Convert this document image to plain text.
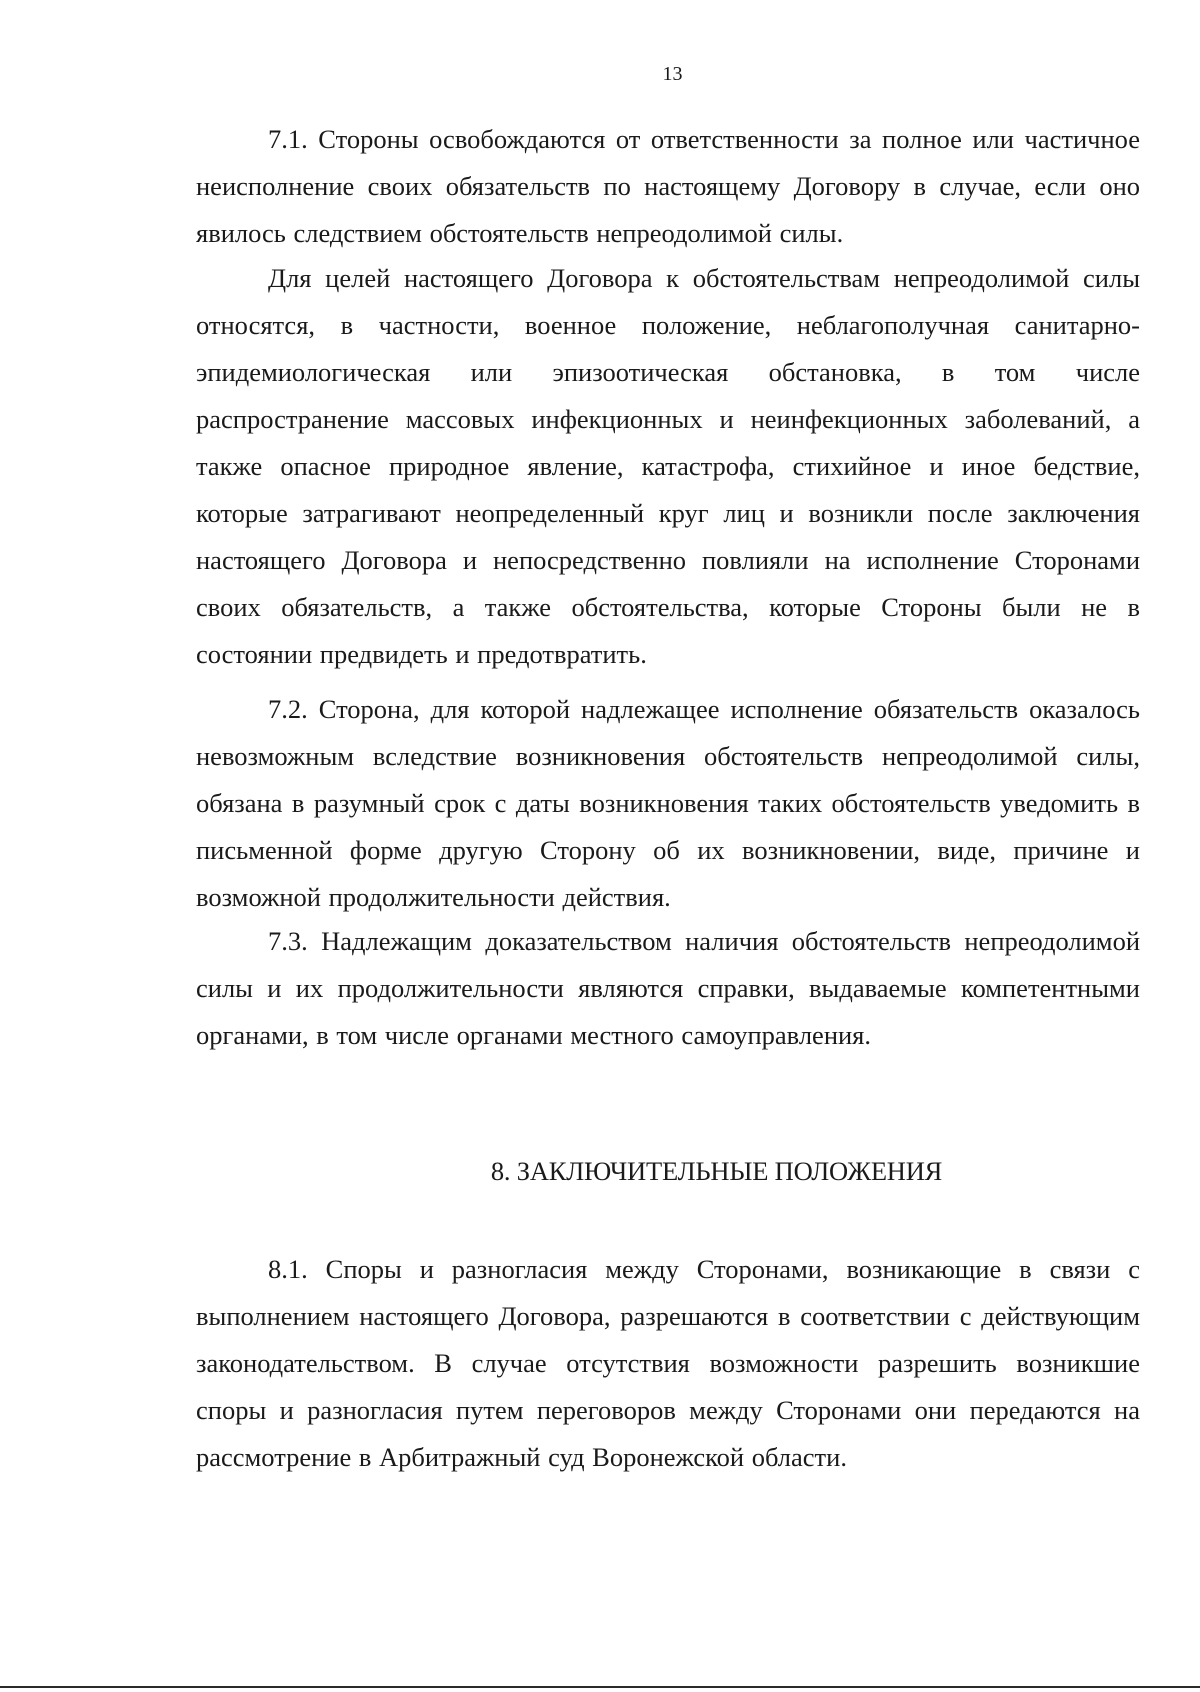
13

7.1. Стороны освобождаются от ответственности за полное или частичное неисполнение своих обязательств по настоящему Договору в случае, если оно явилось следствием обстоятельств непреодолимой силы.

Для целей настоящего Договора к обстоятельствам непреодолимой силы относятся, в частности, военное положение, неблагополучная санитарно-эпидемиологическая или эпизоотическая обстановка, в том числе распространение массовых инфекционных и неинфекционных заболеваний, а также опасное природное явление, катастрофа, стихийное и иное бедствие, которые затрагивают неопределенный круг лиц и возникли после заключения настоящего Договора и непосредственно повлияли на исполнение Сторонами своих обязательств, а также обстоятельства, которые Стороны были не в состоянии предвидеть и предотвратить.

7.2. Сторона, для которой надлежащее исполнение обязательств оказалось невозможным вследствие возникновения обстоятельств непреодолимой силы, обязана в разумный срок с даты возникновения таких обстоятельств уведомить в письменной форме другую Сторону об их возникновении, виде, причине и возможной продолжительности действия.

7.3. Надлежащим доказательством наличия обстоятельств непреодолимой силы и их продолжительности являются справки, выдаваемые компетентными органами, в том числе органами местного самоуправления.

8. ЗАКЛЮЧИТЕЛЬНЫЕ ПОЛОЖЕНИЯ

8.1. Споры и разногласия между Сторонами, возникающие в связи с выполнением настоящего Договора, разрешаются в соответствии с действующим законодательством. В случае отсутствия возможности разрешить возникшие споры и разногласия путем переговоров между Сторонами они передаются на рассмотрение в Арбитражный суд Воронежской области.
